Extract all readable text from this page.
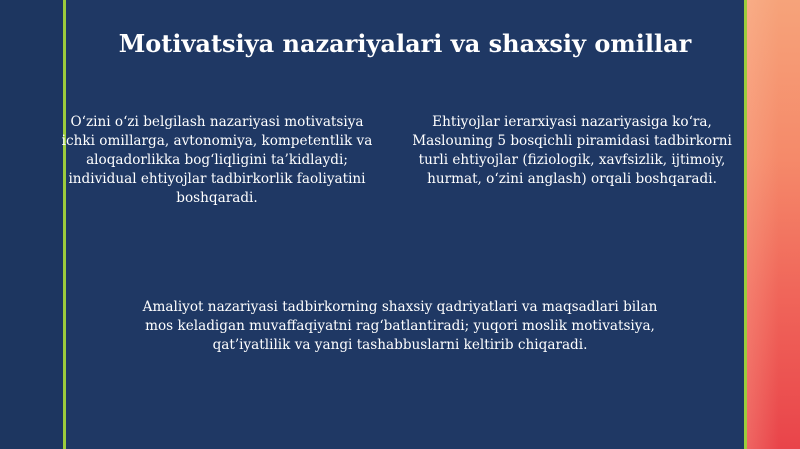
Motivatsiya nazariyalari va shaxsiy omillar
O‘zini o‘zi belgilash nazariyasi motivatsiya ichki omillarga, avtonomiya, kompetentlik va aloqadorlikka bog‘liqligini ta’kidlaydi; individual ehtiyojlar tadbirkorlik faoliyatini boshqaradi.
Ehtiyojlar ierarxiyasi nazariyasiga ko‘ra, Maslouning 5 bosqichli piramidasi tadbirkorni turli ehtiyojlar (fiziologik, xavfsizlik, ijtimoiy, hurmat, o‘zini anglash) orqali boshqaradi.
Amaliyot nazariyasi tadbirkorning shaxsiy qadriyatlari va maqsadlari bilan mos keladigan muvaffaqiyatni rag‘batlantiradi; yuqori moslik motivatsiya, qat’iyatlilik va yangi tashabbuslarni keltirib chiqaradi.
